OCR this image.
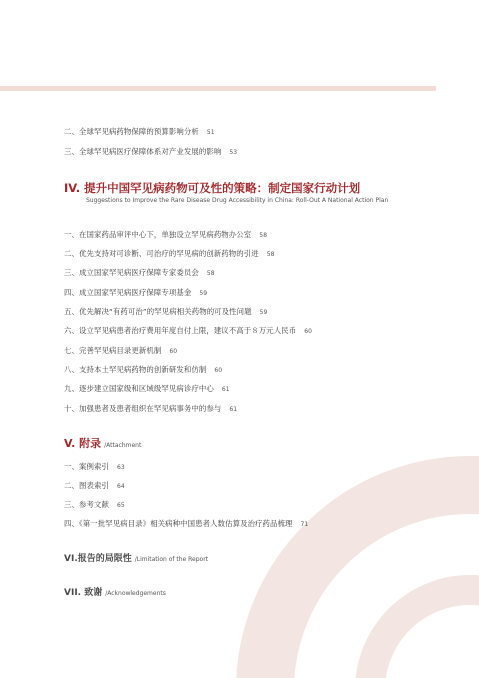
二、全球罕见病药物保障的预算影响分析 51
三、全球罕见病医疗保障体系对产业发展的影响 53
IV. 提升中国罕见病药物可及性的策略：制定国家行动计划
Suggestions to Improve the Rare Disease Drug Accessibility in China: Roll-Out A National Action Plan
一、在国家药品审评中心下，单独设立罕见病药物办公室 58
二、优先支持对可诊断、可治疗的罕见病的创新药物的引进 58
三、成立国家罕见病医疗保障专家委员会 58
四、成立国家罕见病医疗保障专项基金 59
五、优先解决“有药可治”的罕见病相关药物的可及性问题 59
六、设立罕见病患者治疗费用年度自付上限，建议不高于８万元人民币 60
七、完善罕见病目录更新机制 60
八、支持本土罕见病药物的创新研发和仿制 60
九、逐步建立国家级和区域级罕见病诊疗中心 61
十、加强患者及患者组织在罕见病事务中的参与 61
V. 附录 /Attachment
一、案例索引 63
二、图表索引 64
三、参考文献 65
四、《第一批罕见病目录》相关病种中国患者人数估算及治疗药品梳理 71
VI.报告的局限性 /Limitation of the Report
VII. 致谢 /Acknowledgements
